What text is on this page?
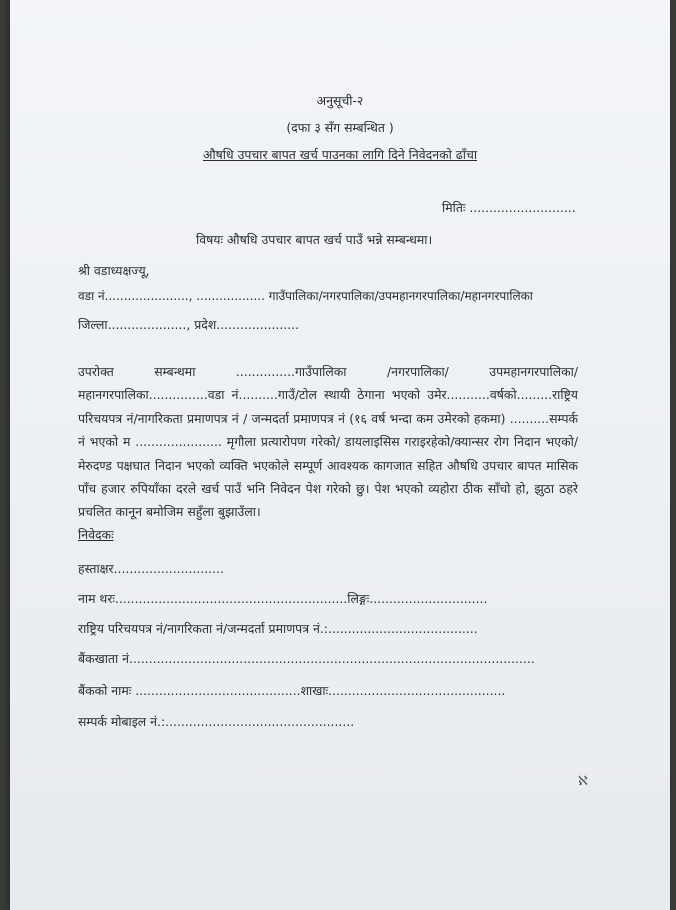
अनुसूची-२
(दफा ३ सँग सम्बन्धित )
औषधि उपचार बापत खर्च पाउनका लागि दिने निवेदनको ढाँचा
मितिः ...........................
विषयः औषधि उपचार बापत खर्च पाउँ भन्ने सम्बन्धमा।
श्री वडाध्यक्षज्यू,
वडा नं......................, .................. गाउँपालिका/नगरपालिका/उपमहानगरपालिका/महानगरपालिका
जिल्ला...................., प्रदेश.....................
उपरोक्त सम्बन्धमा ...............गाउँपालिका /नगरपालिका/ उपमहानगरपालिका/महानगरपालिका...............वडा नं..........गाउँ/टोल स्थायी ठेगाना भएको उमेर...........वर्षको.........राष्ट्रिय परिचयपत्र नं/नागरिकता प्रमाणपत्र नं / जन्मदर्ता प्रमाणपत्र नं (१६ वर्ष भन्दा कम उमेरको हकमा) ..........सम्पर्क नं भएको म ...................... मृगौला प्रत्यारोपण गरेको/ डायलाइसिस गराइरहेको/क्यान्सर रोग निदान भएको/ मेरुदण्ड पक्षघात निदान भएको व्यक्ति भएकोले सम्पूर्ण आवश्यक कागजात सहित औषधि उपचार बापत मासिक पाँच हजार रुपियाँका दरले खर्च पाउँ भनि निवेदन पेश गरेको छु। पेश भएको व्यहोरा ठीक साँचो हो, झुठा ठहरे प्रचलित कानून बमोजिम सहुँला बुझाउँला।
निवेदकः
हस्ताक्षर............................
नाम थरः...........................................................लिङ्गः..............................
राष्ट्रिय परिचयपत्र नं/नागरिकता नं/जन्मदर्ता प्रमाणपत्र नं.:......................................
बैंकखाता नं.......................................................................................................
बैंकको नामः ..........................................शाखाः.............................................
सम्पर्क मोबाइल नं.:................................................
ℵ
